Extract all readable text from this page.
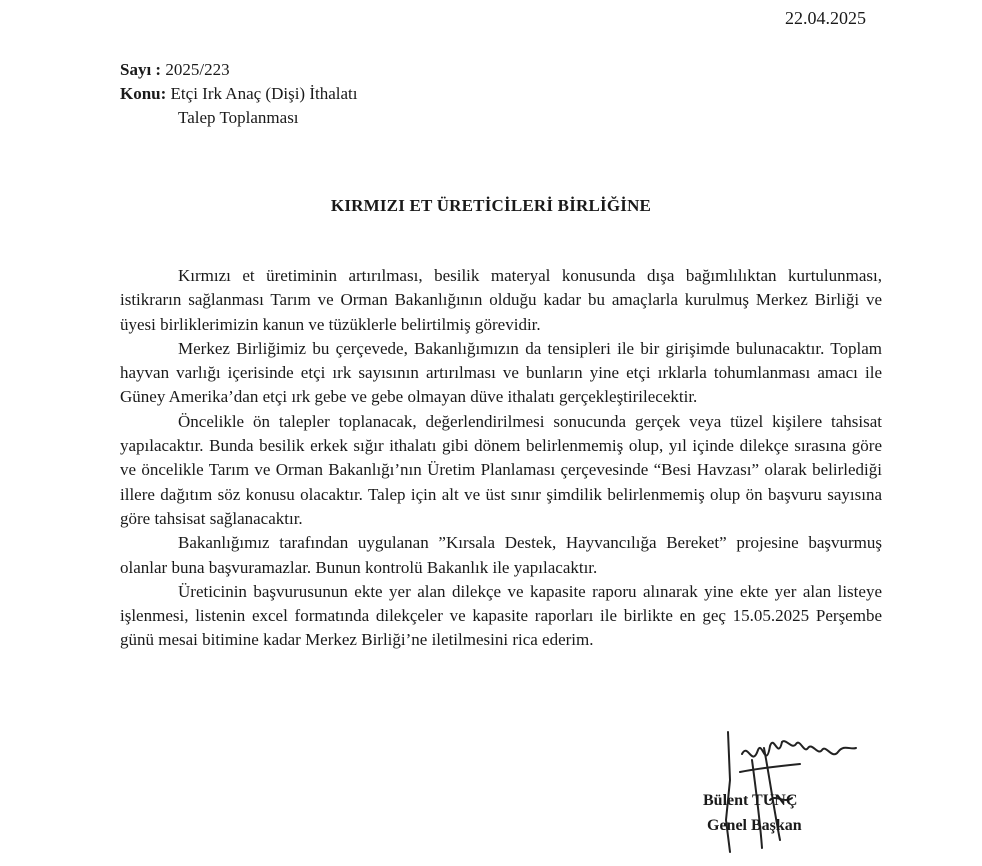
22.04.2025
Sayı : 2025/223
Konu: Etçi Irk Anaç (Dişi) İthalatı
Talep Toplanması
KIRMIZI ET ÜRETİCİLERİ BİRLİĞİNE

Kırmızı et üretiminin artırılması, besilik materyal konusunda dışa bağımlılıktan kurtulunması, istikrarın sağlanması Tarım ve Orman Bakanlığının olduğu kadar bu amaçlarla kurulmuş Merkez Birliği ve üyesi birliklerimizin kanun ve tüzüklerle belirtilmiş görevidir.

Merkez Birliğimiz bu çerçevede, Bakanlığımızın da tensipleri ile bir girişimde bulunacaktır. Toplam hayvan varlığı içerisinde etçi ırk sayısının artırılması ve bunların yine etçi ırklarla tohumlanması amacı ile Güney Amerika’dan etçi ırk gebe ve gebe olmayan düve ithalatı gerçekleştirilecektir.

Öncelikle ön talepler toplanacak, değerlendirilmesi sonucunda gerçek veya tüzel kişilere tahsisat yapılacaktır. Bunda besilik erkek sığır ithalatı gibi dönem belirlenmemiş olup, yıl içinde dilekçe sırasına göre ve öncelikle Tarım ve Orman Bakanlığı’nın Üretim Planlaması çerçevesinde “Besi Havzası” olarak belirlediği illere dağıtım söz konusu olacaktır. Talep için alt ve üst sınır şimdilik belirlenmemiş olup ön başvuru sayısına göre tahsisat sağlanacaktır.

Bakanlığımız tarafından uygulanan ”Kırsala Destek, Hayvancılığa Bereket” projesine başvurmuş olanlar buna başvuramazlar. Bunun kontrolü Bakanlık ile yapılacaktır.

Üreticinin başvurusunun ekte yer alan dilekçe ve kapasite raporu alınarak yine ekte yer alan listeye işlenmesi, listenin excel formatında dilekçeler ve kapasite raporları ile birlikte en geç 15.05.2025 Perşembe günü mesai bitimine kadar Merkez Birliği’ne iletilmesini rica ederim.

Bülent TUNÇ
Genel Başkan
